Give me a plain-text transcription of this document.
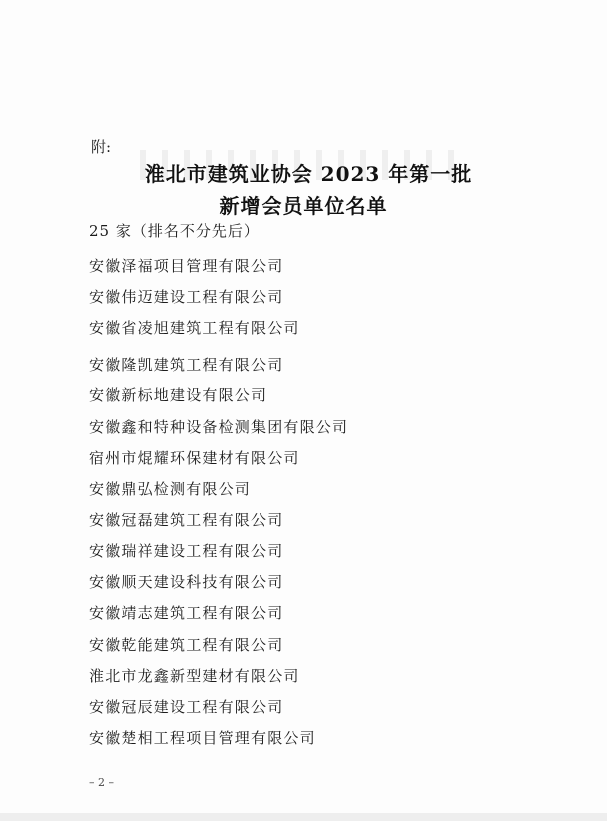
附:
淮北市建筑业协会 2023 年第一批
新增会员单位名单
25 家（排名不分先后）
安徽泽福项目管理有限公司
安徽伟迈建设工程有限公司
安徽省凌旭建筑工程有限公司
安徽隆凯建筑工程有限公司
安徽新标地建设有限公司
安徽鑫和特种设备检测集团有限公司
宿州市焜耀环保建材有限公司
安徽鼎弘检测有限公司
安徽冠磊建筑工程有限公司
安徽瑞祥建设工程有限公司
安徽顺天建设科技有限公司
安徽靖志建筑工程有限公司
安徽乾能建筑工程有限公司
淮北市龙鑫新型建材有限公司
安徽冠辰建设工程有限公司
安徽楚相工程项目管理有限公司
– 2 –
